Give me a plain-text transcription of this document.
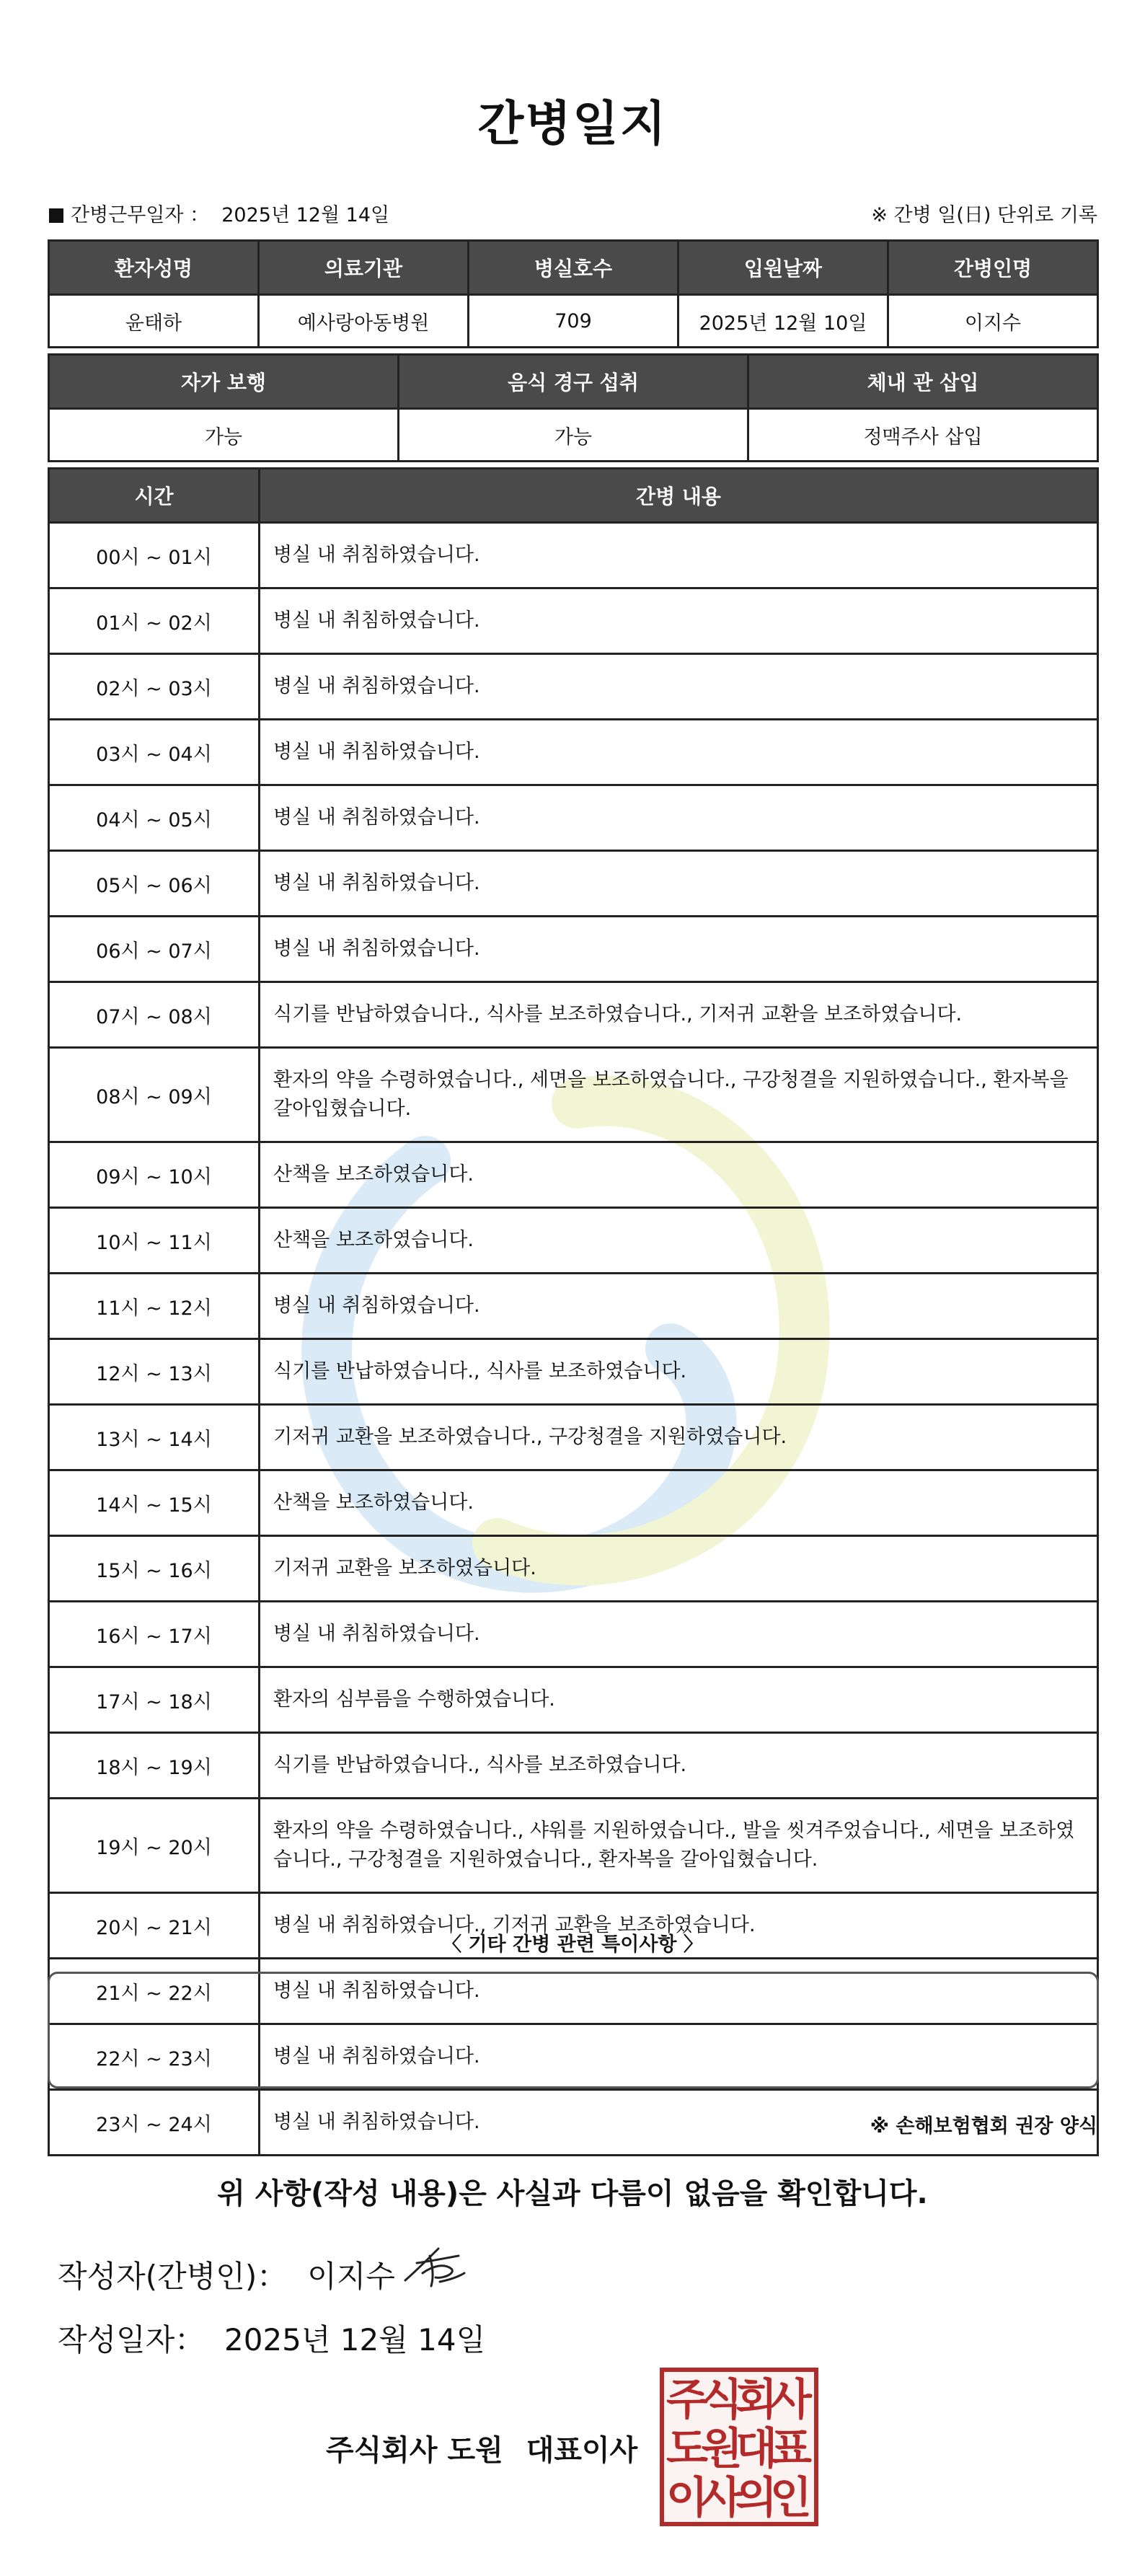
간병일지
간병근무일자 ： 2025년 12월 14일	※ 간병 일(日) 단위로 기록
환자성명	의료기관	병실호수	입원날짜	간병인명
윤태하	예사랑아동병원	709	2025년 12월 10일	이지수
자가 보행	음식 경구 섭취	체내 관 삽입
가능	가능	정맥주사 삽입
시간	간병 내용
00시 ~ 01시	병실 내 취침하였습니다.
01시 ~ 02시	병실 내 취침하였습니다.
02시 ~ 03시	병실 내 취침하였습니다.
03시 ~ 04시	병실 내 취침하였습니다.
04시 ~ 05시	병실 내 취침하였습니다.
05시 ~ 06시	병실 내 취침하였습니다.
06시 ~ 07시	병실 내 취침하였습니다.
07시 ~ 08시	식기를 반납하였습니다., 식사를 보조하였습니다., 기저귀 교환을 보조하였습니다.
08시 ~ 09시	환자의 약을 수령하였습니다., 세면을 보조하였습니다., 구강청결을 지원하였습니다., 환자복을 갈아입혔습니다.
09시 ~ 10시	산책을 보조하였습니다.
10시 ~ 11시	산책을 보조하였습니다.
11시 ~ 12시	병실 내 취침하였습니다.
12시 ~ 13시	식기를 반납하였습니다., 식사를 보조하였습니다.
13시 ~ 14시	기저귀 교환을 보조하였습니다., 구강청결을 지원하였습니다.
14시 ~ 15시	산책을 보조하였습니다.
15시 ~ 16시	기저귀 교환을 보조하였습니다.
16시 ~ 17시	병실 내 취침하였습니다.
17시 ~ 18시	환자의 심부름을 수행하였습니다.
18시 ~ 19시	식기를 반납하였습니다., 식사를 보조하였습니다.
19시 ~ 20시	환자의 약을 수령하였습니다., 샤워를 지원하였습니다., 발을 씻겨주었습니다., 세면을 보조하였습니다., 구강청결을 지원하였습니다., 환자복을 갈아입혔습니다.
20시 ~ 21시	병실 내 취침하였습니다., 기저귀 교환을 보조하였습니다.
21시 ~ 22시	병실 내 취침하였습니다.
22시 ~ 23시	병실 내 취침하였습니다.
23시 ~ 24시	병실 내 취침하였습니다.
〈 기타 간병 관련 특이사항 〉
※ 손해보험협회 권장 양식
위 사항(작성 내용)은 사실과 다름이 없음을 확인합니다.
작성자(간병인)： 이지수
작성일자： 2025년 12월 14일
주식회사 도원 대표이사
주
식
회
사
도
원
대
표
이
사
의
인
